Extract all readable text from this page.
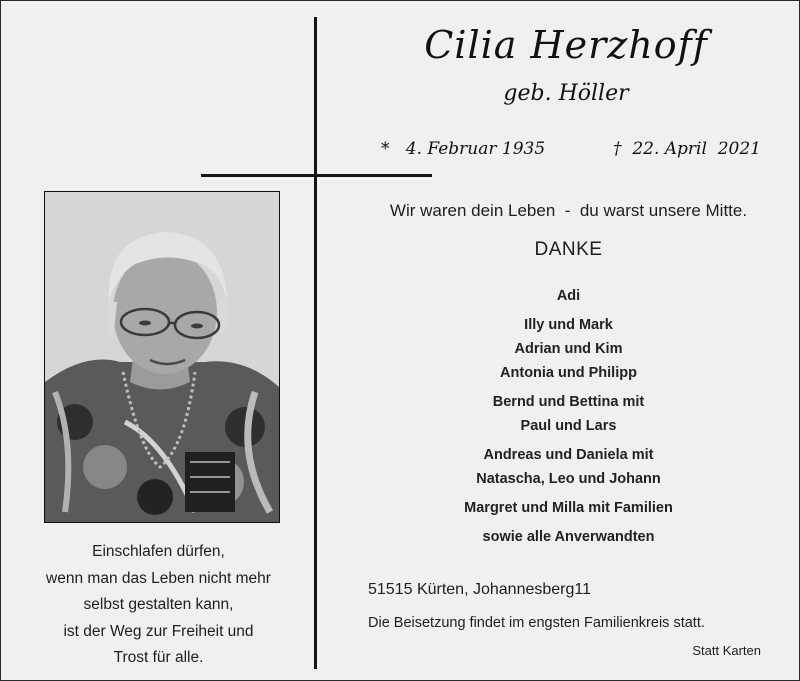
Cilia Herzhoff
geb. Höller
*   4. Februar 1935	†  22. April  2021
Einschlafen dürfen,
wenn man das Leben nicht mehr
selbst gestalten kann,
ist der Weg zur Freiheit und
Trost für alle.
Wir waren dein Leben  -  du warst unsere Mitte.
DANKE
Adi
Illy und Mark
Adrian und Kim
Antonia und Philipp
Bernd und Bettina mit
Paul und Lars
Andreas und Daniela mit
Natascha, Leo und Johann
Margret und Milla mit Familien
sowie alle Anverwandten
51515 Kürten, Johannesberg11
Die Beisetzung findet im engsten Familienkreis statt.
Statt Karten
